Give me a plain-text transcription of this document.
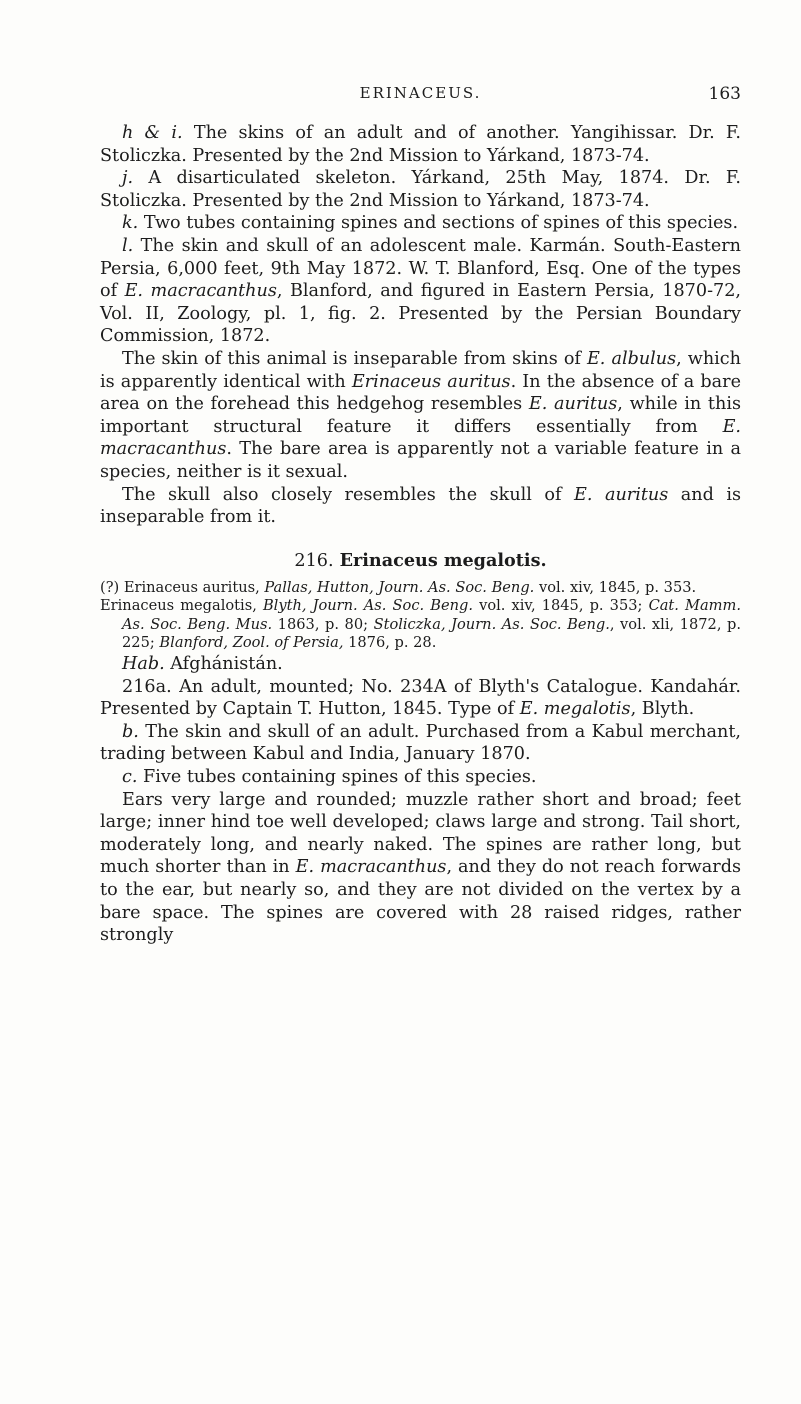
ERINACEUS.	163

h & i. The skins of an adult and of another. Yangihissar. Dr. F. Stoliczka. Presented by the 2nd Mission to Yárkand, 1873-74.

j. A disarticulated skeleton. Yárkand, 25th May, 1874. Dr. F. Stoliczka. Presented by the 2nd Mission to Yárkand, 1873-74.

k. Two tubes containing spines and sections of spines of this species.

l. The skin and skull of an adolescent male. Karmán. South-Eastern Persia, 6,000 feet, 9th May 1872. W. T. Blanford, Esq. One of the types of E. macracanthus, Blanford, and figured in Eastern Persia, 1870-72, Vol. II, Zoology, pl. 1, fig. 2. Presented by the Persian Boundary Commission, 1872.

The skin of this animal is inseparable from skins of E. albulus, which is apparently identical with Erinaceus auritus. In the absence of a bare area on the forehead this hedgehog resembles E. auritus, while in this important structural feature it differs essentially from E. macracanthus. The bare area is apparently not a variable feature in a species, neither is it sexual.

The skull also closely resembles the skull of E. auritus and is inseparable from it.

216. Erinaceus megalotis.

(?) Erinaceus auritus, Pallas, Hutton, Journ. As. Soc. Beng. vol. xiv, 1845, p. 353.

Erinaceus megalotis, Blyth, Journ. As. Soc. Beng. vol. xiv, 1845, p. 353; Cat. Mamm. As. Soc. Beng. Mus. 1863, p. 80; Stoliczka, Journ. As. Soc. Beng., vol. xli, 1872, p. 225; Blanford, Zool. of Persia, 1876, p. 28.

Hab. Afghánistán.

216a. An adult, mounted; No. 234A of Blyth's Catalogue. Kandahár. Presented by Captain T. Hutton, 1845. Type of E. megalotis, Blyth.

b. The skin and skull of an adult. Purchased from a Kabul merchant, trading between Kabul and India, January 1870.

c. Five tubes containing spines of this species.

Ears very large and rounded; muzzle rather short and broad; feet large; inner hind toe well developed; claws large and strong. Tail short, moderately long, and nearly naked. The spines are rather long, but much shorter than in E. macracanthus, and they do not reach forwards to the ear, but nearly so, and they are not divided on the vertex by a bare space. The spines are covered with 28 raised ridges, rather strongly
